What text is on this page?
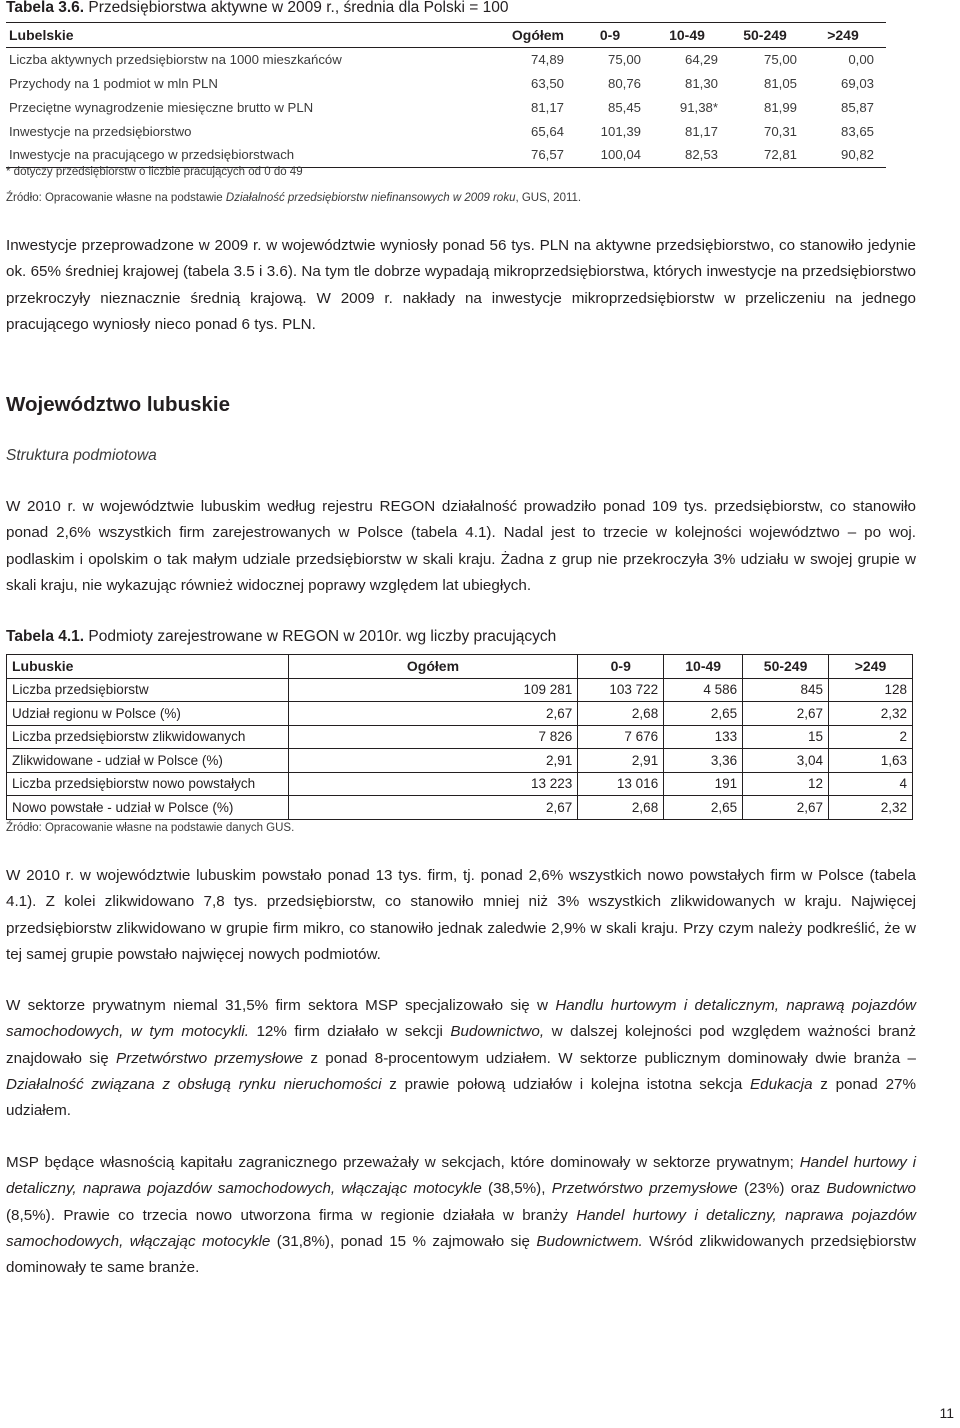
Tabela 3.6. Przedsiębiorstwa aktywne w 2009 r., średnia dla Polski = 100
Lubelskie	Ogółem	0-9	10-49	50-249	>249
Liczba aktywnych przedsiębiorstw na 1000 mieszkańców	74,89	75,00	64,29	75,00	0,00
Przychody na 1 podmiot w mln PLN	63,50	80,76	81,30	81,05	69,03
Przeciętne wynagrodzenie miesięczne brutto w PLN	81,17	85,45	91,38*	81,99	85,87
Inwestycje na przedsiębiorstwo	65,64	101,39	81,17	70,31	83,65
Inwestycje na pracującego w przedsiębiorstwach	76,57	100,04	82,53	72,81	90,82
* dotyczy przedsiębiorstw o liczbie pracujących od 0 do 49
Źródło: Opracowanie własne na podstawie Działalność przedsiębiorstw niefinansowych w 2009 roku, GUS, 2011.

Inwestycje przeprowadzone w 2009 r. w województwie wyniosły ponad 56 tys. PLN na aktywne przedsiębiorstwo, co stanowiło jedynie ok. 65% średniej krajowej (tabela 3.5 i 3.6). Na tym tle dobrze wypadają mikroprzedsiębiorstwa, których inwestycje na przedsiębiorstwo przekroczyły nieznacznie średnią krajową. W 2009 r. nakłady na inwestycje mikroprzedsiębiorstw w przeliczeniu na jednego pracującego wyniosły nieco ponad 6 tys. PLN.

Województwo lubuskie
Struktura podmiotowa

W 2010 r. w województwie lubuskim według rejestru REGON działalność prowadziło ponad 109 tys. przedsiębiorstw, co stanowiło ponad 2,6% wszystkich firm zarejestrowanych w Polsce (tabela 4.1). Nadal jest to trzecie w kolejności województwo – po woj. podlaskim i opolskim o tak małym udziale przedsiębiorstw w skali kraju. Żadna z grup nie przekroczyła 3% udziału w swojej grupie w skali kraju, nie wykazując również widocznej poprawy względem lat ubiegłych.

Tabela 4.1. Podmioty zarejestrowane w REGON w 2010r. wg liczby pracujących
Lubuskie	Ogółem	0-9	10-49	50-249	>249
Liczba przedsiębiorstw	109 281	103 722	4 586	845	128
Udział regionu w Polsce (%)	2,67	2,68	2,65	2,67	2,32
Liczba przedsiębiorstw zlikwidowanych	7 826	7 676	133	15	2
Zlikwidowane - udział w Polsce (%)	2,91	2,91	3,36	3,04	1,63
Liczba przedsiębiorstw nowo powstałych	13 223	13 016	191	12	4
Nowo powstałe - udział w Polsce (%)	2,67	2,68	2,65	2,67	2,32
Źródło: Opracowanie własne na podstawie danych GUS.

W 2010 r. w województwie lubuskim powstało ponad 13 tys. firm, tj. ponad 2,6% wszystkich nowo powstałych firm w Polsce (tabela 4.1). Z kolei zlikwidowano 7,8 tys. przedsiębiorstw, co stanowiło mniej niż 3% wszystkich zlikwidowanych w kraju. Najwięcej przedsiębiorstw zlikwidowano w grupie firm mikro, co stanowiło jednak zaledwie 2,9% w skali kraju. Przy czym należy podkreślić, że w tej samej grupie powstało najwięcej nowych podmiotów.

W sektorze prywatnym niemal 31,5% firm sektora MSP specjalizowało się w Handlu hurtowym i detalicznym, naprawą pojazdów samochodowych, w tym motocykli. 12% firm działało w sekcji Budownictwo, w dalszej kolejności pod względem ważności branż znajdowało się Przetwórstwo przemysłowe z ponad 8-procentowym udziałem. W sektorze publicznym dominowały dwie branża – Działalność związana z obsługą rynku nieruchomości z prawie połową udziałów i kolejna istotna sekcja Edukacja z ponad 27% udziałem.

MSP będące własnością kapitału zagranicznego przeważały w sekcjach, które dominowały w sektorze prywatnym; Handel hurtowy i detaliczny, naprawa pojazdów samochodowych, włączając motocykle (38,5%), Przetwórstwo przemysłowe (23%) oraz Budownictwo (8,5%). Prawie co trzecia nowo utworzona firma w regionie działała w branży Handel hurtowy i detaliczny, naprawa pojazdów samochodowych, włączając motocykle (31,8%), ponad 15 % zajmowało się Budownictwem. Wśród zlikwidowanych przedsiębiorstw dominowały te same branże.

11
